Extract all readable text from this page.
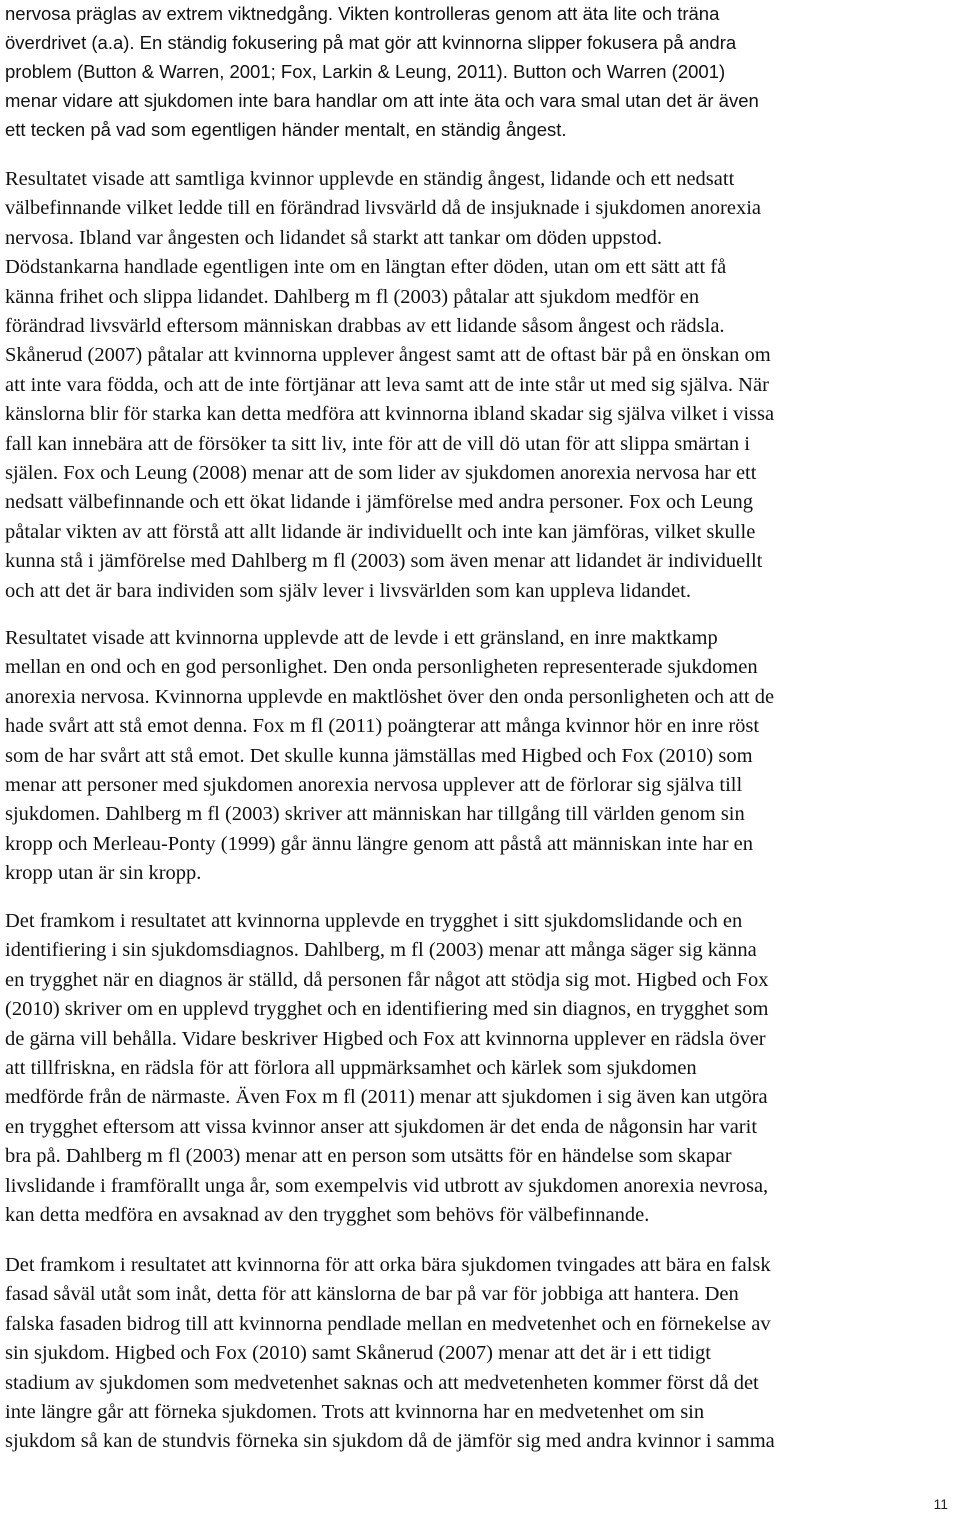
nervosa präglas av extrem viktnedgång. Vikten kontrolleras genom att äta lite och träna
överdrivet (a.a). En ständig fokusering på mat gör att kvinnorna slipper fokusera på andra
problem (Button & Warren, 2001; Fox, Larkin & Leung, 2011). Button och Warren (2001)
menar vidare att sjukdomen inte bara handlar om att inte äta och vara smal utan det är även
ett tecken på vad som egentligen händer mentalt, en ständig ångest.
Resultatet visade att samtliga kvinnor upplevde en ständig ångest, lidande och ett nedsatt
välbefinnande vilket ledde till en förändrad livsvärld då de insjuknade i sjukdomen anorexia
nervosa. Ibland var ångesten och lidandet så starkt att tankar om döden uppstod.
Dödstankarna handlade egentligen inte om en längtan efter döden, utan om ett sätt att få
känna frihet och slippa lidandet. Dahlberg m fl (2003) påtalar att sjukdom medför en
förändrad livsvärld eftersom människan drabbas av ett lidande såsom ångest och rädsla.
Skånerud (2007) påtalar att kvinnorna upplever ångest samt att de oftast bär på en önskan om
att inte vara födda, och att de inte förtjänar att leva samt att de inte står ut med sig själva. När
känslorna blir för starka kan detta medföra att kvinnorna ibland skadar sig själva vilket i vissa
fall kan innebära att de försöker ta sitt liv, inte för att de vill dö utan för att slippa smärtan i
själen. Fox och Leung (2008) menar att de som lider av sjukdomen anorexia nervosa har ett
nedsatt välbefinnande och ett ökat lidande i jämförelse med andra personer. Fox och Leung
påtalar vikten av att förstå att allt lidande är individuellt och inte kan jämföras, vilket skulle
kunna stå i jämförelse med Dahlberg m fl (2003) som även menar att lidandet är individuellt
och att det är bara individen som själv lever i livsvärlden som kan uppleva lidandet.
Resultatet visade att kvinnorna upplevde att de levde i ett gränsland, en inre maktkamp
mellan en ond och en god personlighet. Den onda personligheten representerade sjukdomen
anorexia nervosa. Kvinnorna upplevde en maktlöshet över den onda personligheten och att de
hade svårt att stå emot denna. Fox m fl (2011) poängterar att många kvinnor hör en inre röst
som de har svårt att stå emot. Det skulle kunna jämställas med Higbed och Fox (2010) som
menar att personer med sjukdomen anorexia nervosa upplever att de förlorar sig själva till
sjukdomen. Dahlberg m fl (2003) skriver att människan har tillgång till världen genom sin
kropp och Merleau-Ponty (1999) går ännu längre genom att påstå att människan inte har en
kropp utan är sin kropp.
Det framkom i resultatet att kvinnorna upplevde en trygghet i sitt sjukdomslidande och en
identifiering i sin sjukdomsdiagnos. Dahlberg, m fl (2003) menar att många säger sig känna
en trygghet när en diagnos är ställd, då personen får något att stödja sig mot. Higbed och Fox
(2010) skriver om en upplevd trygghet och en identifiering med sin diagnos, en trygghet som
de gärna vill behålla. Vidare beskriver Higbed och Fox att kvinnorna upplever en rädsla över
att tillfriskna, en rädsla för att förlora all uppmärksamhet och kärlek som sjukdomen
medförde från de närmaste. Även Fox m fl (2011) menar att sjukdomen i sig även kan utgöra
en trygghet eftersom att vissa kvinnor anser att sjukdomen är det enda de någonsin har varit
bra på. Dahlberg m fl (2003) menar att en person som utsätts för en händelse som skapar
livslidande i framförallt unga år, som exempelvis vid utbrott av sjukdomen anorexia nevrosa,
kan detta medföra en avsaknad av den trygghet som behövs för välbefinnande.
Det framkom i resultatet att kvinnorna för att orka bära sjukdomen tvingades att bära en falsk
fasad såväl utåt som inåt, detta för att känslorna de bar på var för jobbiga att hantera. Den
falska fasaden bidrog till att kvinnorna pendlade mellan en medvetenhet och en förnekelse av
sin sjukdom. Higbed och Fox (2010) samt Skånerud (2007) menar att det är i ett tidigt
stadium av sjukdomen som medvetenhet saknas och att medvetenheten kommer först då det
inte längre går att förneka sjukdomen. Trots att kvinnorna har en medvetenhet om sin
sjukdom så kan de stundvis förneka sin sjukdom då de jämför sig med andra kvinnor i samma
11
